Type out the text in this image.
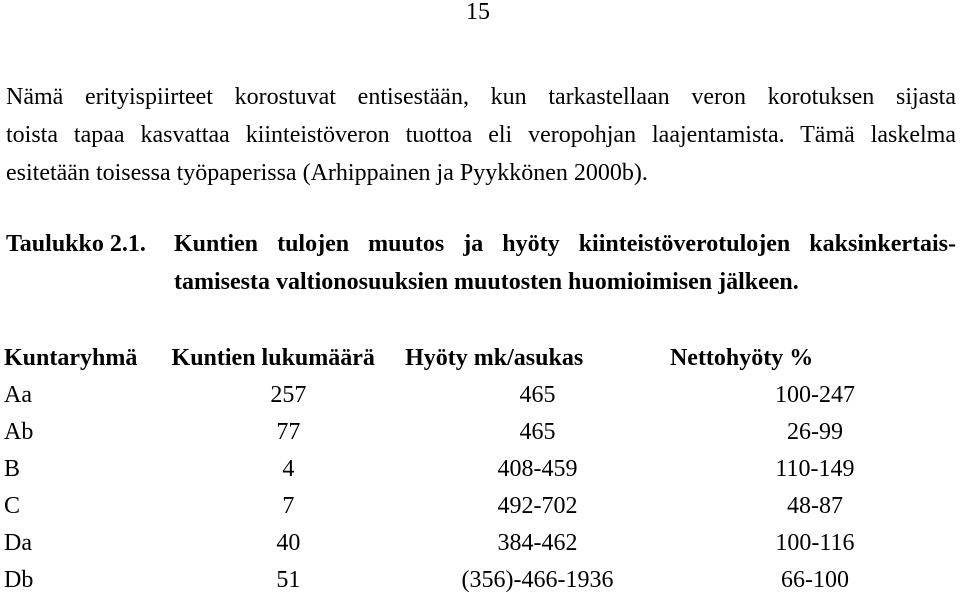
15

Nämä erityispiirteet korostuvat entisestään, kun tarkastellaan veron korotuksen sijasta
toista tapaa kasvattaa kiinteistöveron tuottoa eli veropohjan laajentamista. Tämä laskelma
esitetään toisessa työpaperissa (Arhippainen ja Pyykkönen 2000b).

Taulukko 2.1. Kuntien tulojen muutos ja hyöty kiinteistöverotulojen kaksinkertais-
tamisesta valtionosuuksien muutosten huomioimisen jälkeen.
Kuntaryhmä	Kuntien lukumäärä	Hyöty mk/asukas	Nettohyöty %
Aa	257	465	100-247
Ab	77	465	26-99
B	4	408-459	110-149
C	7	492-702	48-87
Da	40	384-462	100-116
Db	51	(356)-466-1936	66-100
